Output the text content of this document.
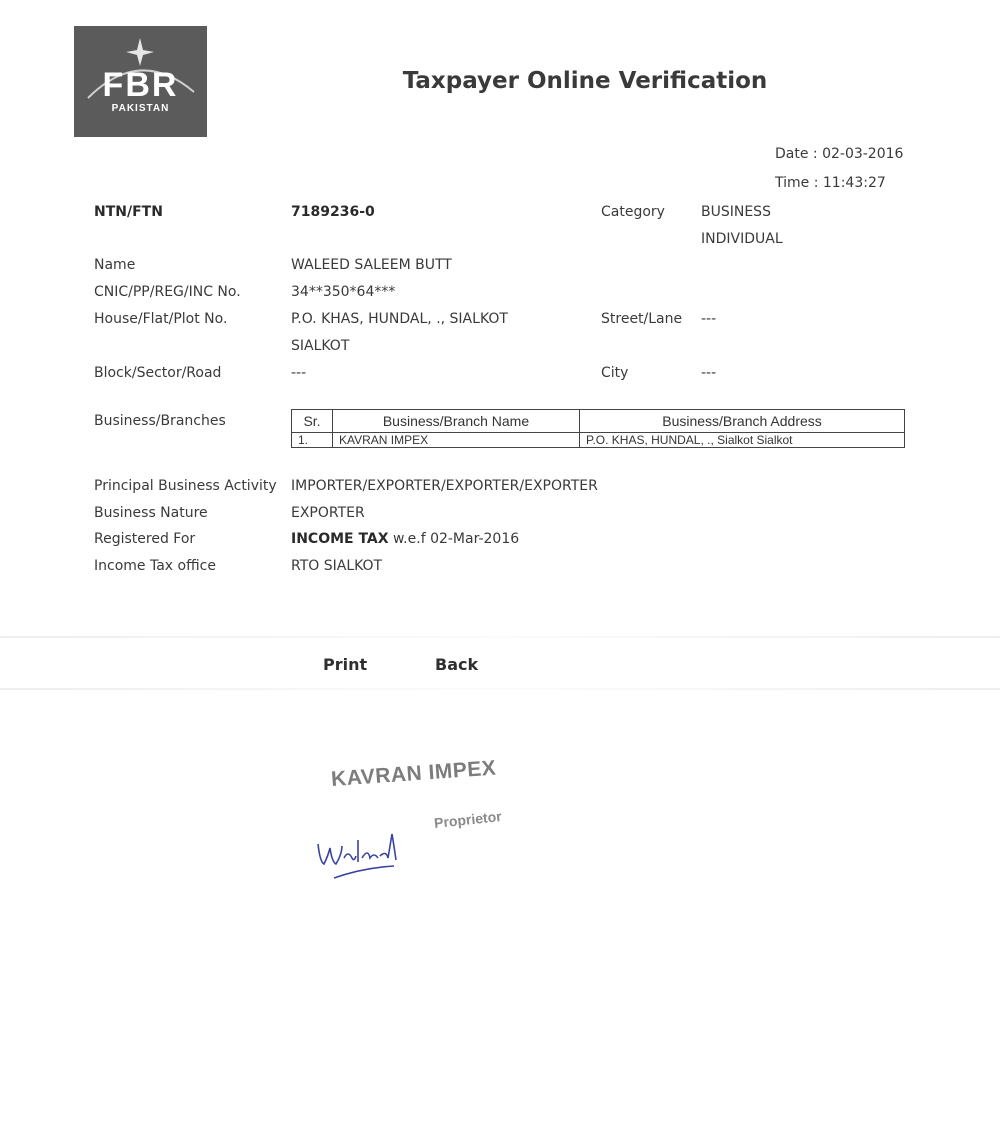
FBR
PAKISTAN
Taxpayer Online Verification
Date : 02-03-2016
Time : 11:43:27
NTN/FTN	7189236-0	Category	BUSINESS
INDIVIDUAL
Name	WALEED SALEEM BUTT
CNIC/PP/REG/INC No.	34**350*64***
House/Flat/Plot No.	P.O. KHAS, HUNDAL, ., SIALKOT
SIALKOT
Street/Lane ---
Block/Sector/Road	---	City	---
Business/Branches	Sr.	Business/Branch Name	Business/Branch Address
1.	KAVRAN IMPEX	P.O. KHAS, HUNDAL, ., Sialkot Sialkot
Principal Business Activity IMPORTER/EXPORTER/EXPORTER/EXPORTER
Business Nature	EXPORTER
Registered For	INCOME TAX w.e.f 02-Mar-2016
Income Tax office	RTO SIALKOT
Print	Back
KAVRAN IMPEX
Proprietor
